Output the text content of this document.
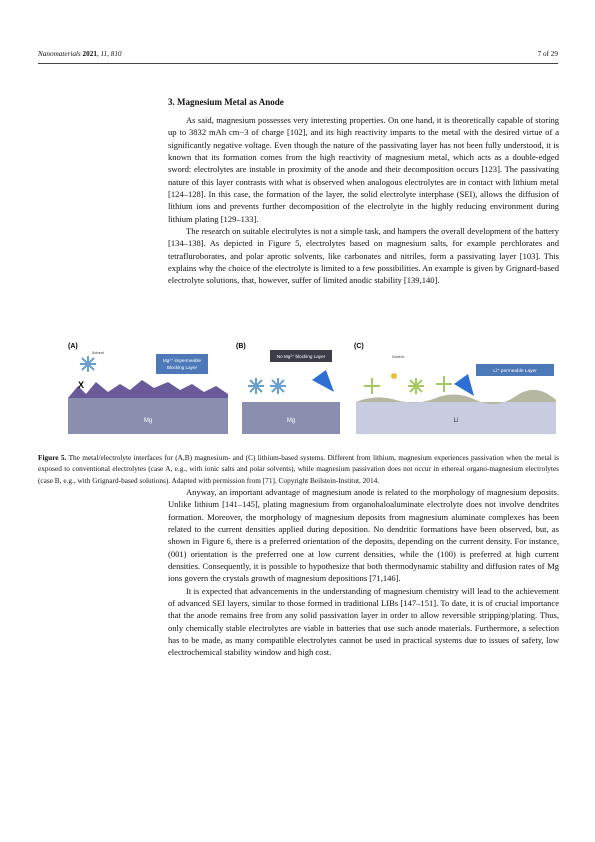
Nanomaterials 2021, 11, 810	7 of 29
3. Magnesium Metal as Anode

As said, magnesium possesses very interesting properties. On one hand, it is theoretically capable of storing up to 3832 mAh cm−3 of charge [102], and its high reactivity imparts to the metal with the desired virtue of a significantly negative voltage. Even though the nature of the passivating layer has not been fully understood, it is known that its formation comes from the high reactivity of magnesium metal, which acts as a double-edged sword: electrolytes are instable in proximity of the anode and their decomposition occurs [123]. The passivating nature of this layer contrasts with what is observed when analogous electrolytes are in contact with lithium metal [124–128]. In this case, the formation of the layer, the solid electrolyte interphase (SEI), allows the diffusion of lithium ions and prevents further decomposition of the electrolyte in the highly reducing environment during lithium plating [129–133].

The research on suitable electrolytes is not a simple task, and hampers the overall development of the battery [134–138]. As depicted in Figure 5, electrolytes based on magnesium salts, for example perchlorates and tetrafluroborates, and polar aprotic solvents, like carbonates and nitriles, form a passivating layer [103]. This explains why the choice of the electrolyte is limited to a few possibilities. An example is given by Grignard-based electrolyte solutions, that, however, suffer of limited anodic stability [139,140].

(A)
Mg
Mg²⁺ impermeable
Blocking Layer
Solvent
X
(B)
Mg
No Mg²⁺ blocking Layer
(C)
Li
Li⁺ permeable Layer
Solvent
Figure 5. The metal/electrolyte interfaces for (A,B) magnesium- and (C) lithium-based systems. Different from lithium, magnesium experiences passivation when the metal is exposed to conventional electrolytes (case A, e.g., with ionic salts and polar solvents), while magnesium passivation does not occur in ethereal organo-magnesium electrolytes (case B, e.g., with Grignard-based solutions). Adapted with permission from [71]. Copyright Beilstein-Institut, 2014.

Anyway, an important advantage of magnesium anode is related to the morphology of magnesium deposits. Unlike lithium [141–145], plating magnesium from organohaloaluminate electrolyte does not involve dendrites formation. Moreover, the morphology of magnesium deposits from magnesium aluminate complexes has been related to the current densities applied during deposition. No dendritic formations have been observed, but, as shown in Figure 6, there is a preferred orientation of the deposits, depending on the current density. For instance, (001) orientation is the preferred one at low current densities, while the (100) is preferred at high current densities. Consequently, it is possible to hypothesize that both thermodynamic stability and diffusion rates of Mg ions govern the crystals growth of magnesium depositions [71,146].

It is expected that advancements in the understanding of magnesium chemistry will lead to the achievement of advanced SEI layers, similar to those formed in traditional LIBs [147–151]. To date, it is of crucial importance that the anode remains free from any solid passivation layer in order to allow reversible stripping/plating. Thus, only chemically stable electrolytes are viable in batteries that use such anode materials. Furthermore, a selection has to be made, as many compatible electrolytes cannot be used in practical systems due to issues of safety, low electrochemical stability window and high cost.
